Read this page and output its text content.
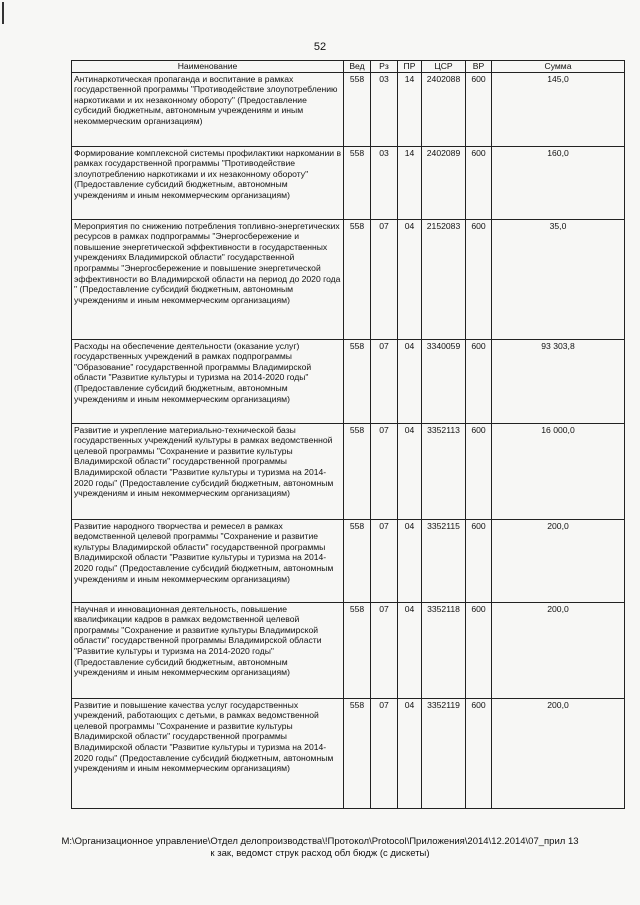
52
Наименование	Вед	Рз	ПР	ЦСР	ВР	Сумма
Антинаркотическая пропаганда и воспитание в рамках государственной программы "Противодействие злоупотреблению наркотиками и их незаконному обороту" (Предоставление субсидий бюджетным, автономным учреждениям и иным некоммерческим организациям)	558	03	14	2402088	600	145,0
Формирование комплексной системы профилактики наркомании в рамках государственной программы "Противодействие злоупотреблению наркотиками и их незаконному обороту" (Предоставление субсидий бюджетным, автономным учреждениям и иным некоммерческим организациям)	558	03	14	2402089	600	160,0
Мероприятия по снижению потребления топливно-энергетических ресурсов в рамках подпрограммы "Энергосбережение и повышение энергетической эффективности в государственных учреждениях Владимирской области" государственной программы "Энергосбережение и повышение энергетической эффективности во Владимирской области на период до 2020 года " (Предоставление субсидий бюджетным, автономным учреждениям и иным некоммерческим организациям)	558	07	04	2152083	600	35,0
Расходы на обеспечение деятельности (оказание услуг) государственных учреждений в рамках подпрограммы "Образование" государственной программы Владимирской области "Развитие культуры и туризма на 2014-2020 годы" (Предоставление субсидий бюджетным, автономным учреждениям и иным некоммерческим организациям)	558	07	04	3340059	600	93 303,8
Развитие и укрепление материально-технической базы государственных учреждений культуры в рамках ведомственной целевой программы "Сохранение и развитие культуры Владимирской области" государственной программы Владимирской области "Развитие культуры и туризма на 2014-2020 годы" (Предоставление субсидий бюджетным, автономным учреждениям и иным некоммерческим организациям)	558	07	04	3352113	600	16 000,0
Развитие народного творчества и ремесел в рамках ведомственной целевой программы "Сохранение и развитие культуры Владимирской области" государственной программы Владимирской области "Развитие культуры и туризма на 2014-2020 годы" (Предоставление субсидий бюджетным, автономным учреждениям и иным некоммерческим организациям)	558	07	04	3352115	600	200,0
Научная и инновационная деятельность, повышение квалификации кадров в рамках ведомственной целевой программы "Сохранение и развитие культуры Владимирской области" государственной программы Владимирской области "Развитие культуры и туризма на 2014-2020 годы" (Предоставление субсидий бюджетным, автономным учреждениям и иным некоммерческим организациям)	558	07	04	3352118	600	200,0
Развитие и повышение качества услуг государственных учреждений, работающих с детьми, в рамках ведомственной целевой программы "Сохранение и развитие культуры Владимирской области" государственной программы Владимирской области "Развитие культуры и туризма на 2014-2020 годы" (Предоставление субсидий бюджетным, автономным учреждениям и иным некоммерческим организациям)	558	07	04	3352119	600	200,0
M:\Организационное управление\Отдел делопроизводства\!Протокол\Protocol\Приложения\2014\12.2014\07_прил 13
к зак, ведомст струк расход обл бюдж (с дискеты)
